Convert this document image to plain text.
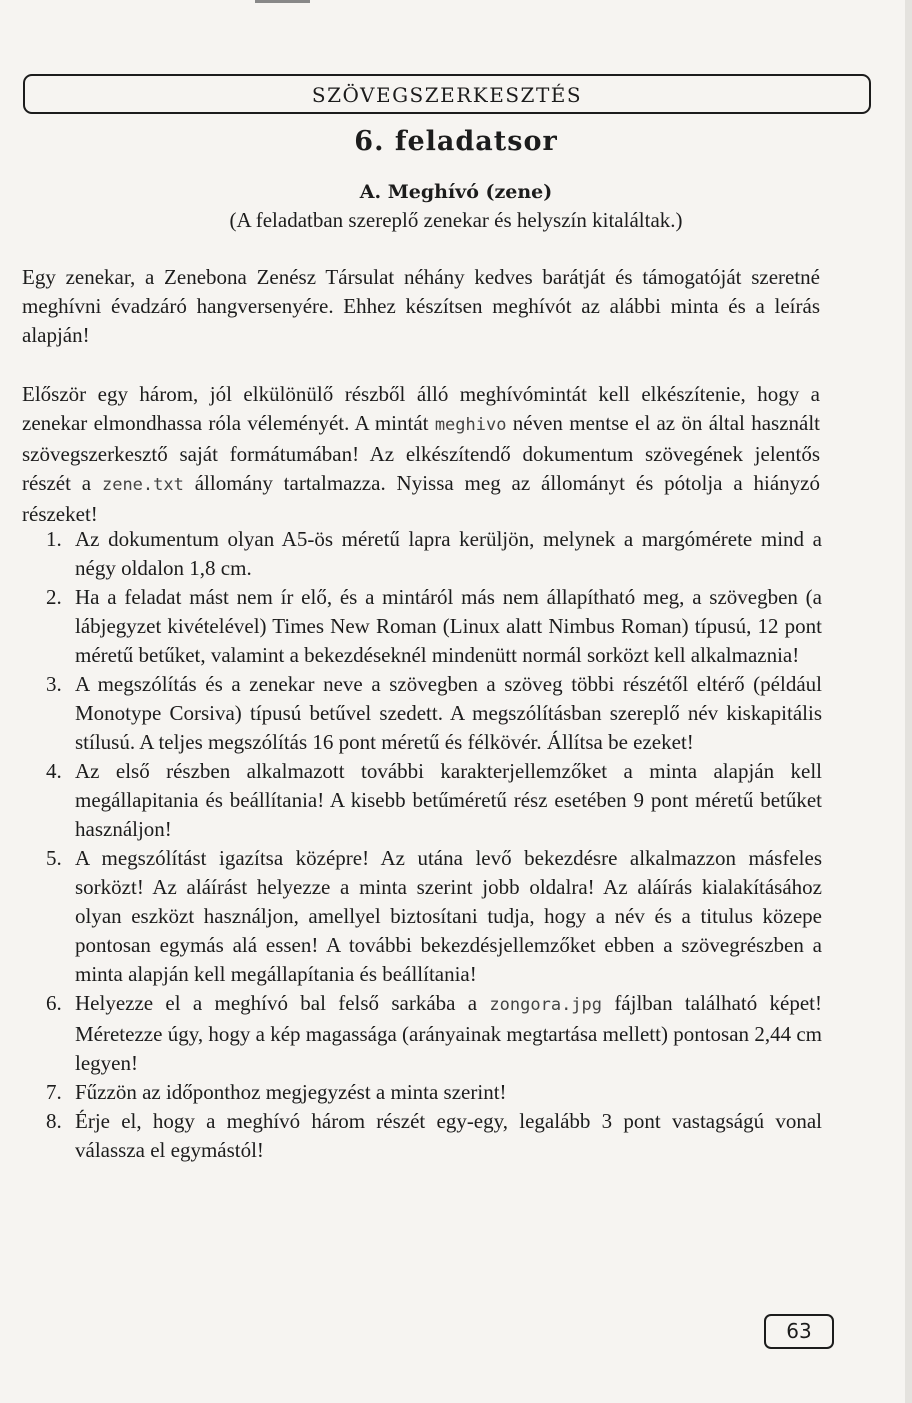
SZÖVEGSZERKESZTÉS
6. feladatsor
A. Meghívó (zene)
(A feladatban szereplő zenekar és helyszín kitaláltak.)

Egy zenekar, a Zenebona Zenész Társulat néhány kedves barátját és támogatóját szeretné meghívni évadzáró hangversenyére. Ehhez készítsen meghívót az alábbi minta és a leírás alapján!

Először egy három, jól elkülönülő részből álló meghívómintát kell elkészítenie, hogy a zenekar elmondhassa róla véleményét. A mintát meghivo néven mentse el az ön által használt szövegszerkesztő saját formátumában! Az elkészítendő dokumentum szövegének jelentős részét a zene.txt állomány tartalmazza. Nyissa meg az állományt és pótolja a hiányzó részeket!

1. Az dokumentum olyan A5-ös méretű lapra kerüljön, melynek a margómérete mind a négy oldalon 1,8 cm.
2. Ha a feladat mást nem ír elő, és a mintáról más nem állapítható meg, a szövegben (a lábjegyzet kivételével) Times New Roman (Linux alatt Nimbus Roman) típusú, 12 pont méretű betűket, valamint a bekezdéseknél mindenütt normál sorközt kell alkalmaznia!
3. A megszólítás és a zenekar neve a szövegben a szöveg többi részétől eltérő (például Monotype Corsiva) típusú betűvel szedett. A megszólításban szereplő név kiskapitális stílusú. A teljes megszólítás 16 pont méretű és félkövér. Állítsa be ezeket!
4. Az első részben alkalmazott további karakterjellemzőket a minta alapján kell megállapitania és beállítania! A kisebb betűméretű rész esetében 9 pont méretű betűket használjon!
5. A megszólítást igazítsa középre! Az utána levő bekezdésre alkalmazzon másfeles sorközt! Az aláírást helyezze a minta szerint jobb oldalra! Az aláírás kialakításához olyan eszközt használjon, amellyel biztosítani tudja, hogy a név és a titulus közepe pontosan egymás alá essen! A további bekezdésjellemzőket ebben a szövegrészben a minta alapján kell megállapítania és beállítania!
6. Helyezze el a meghívó bal felső sarkába a zongora.jpg fájlban található képet! Méretezze úgy, hogy a kép magassága (arányainak megtartása mellett) pontosan 2,44 cm legyen!
7. Fűzzön az időponthoz megjegyzést a minta szerint!
8. Érje el, hogy a meghívó három részét egy-egy, legalább 3 pont vastagságú vonal válassza el egymástól!
63
